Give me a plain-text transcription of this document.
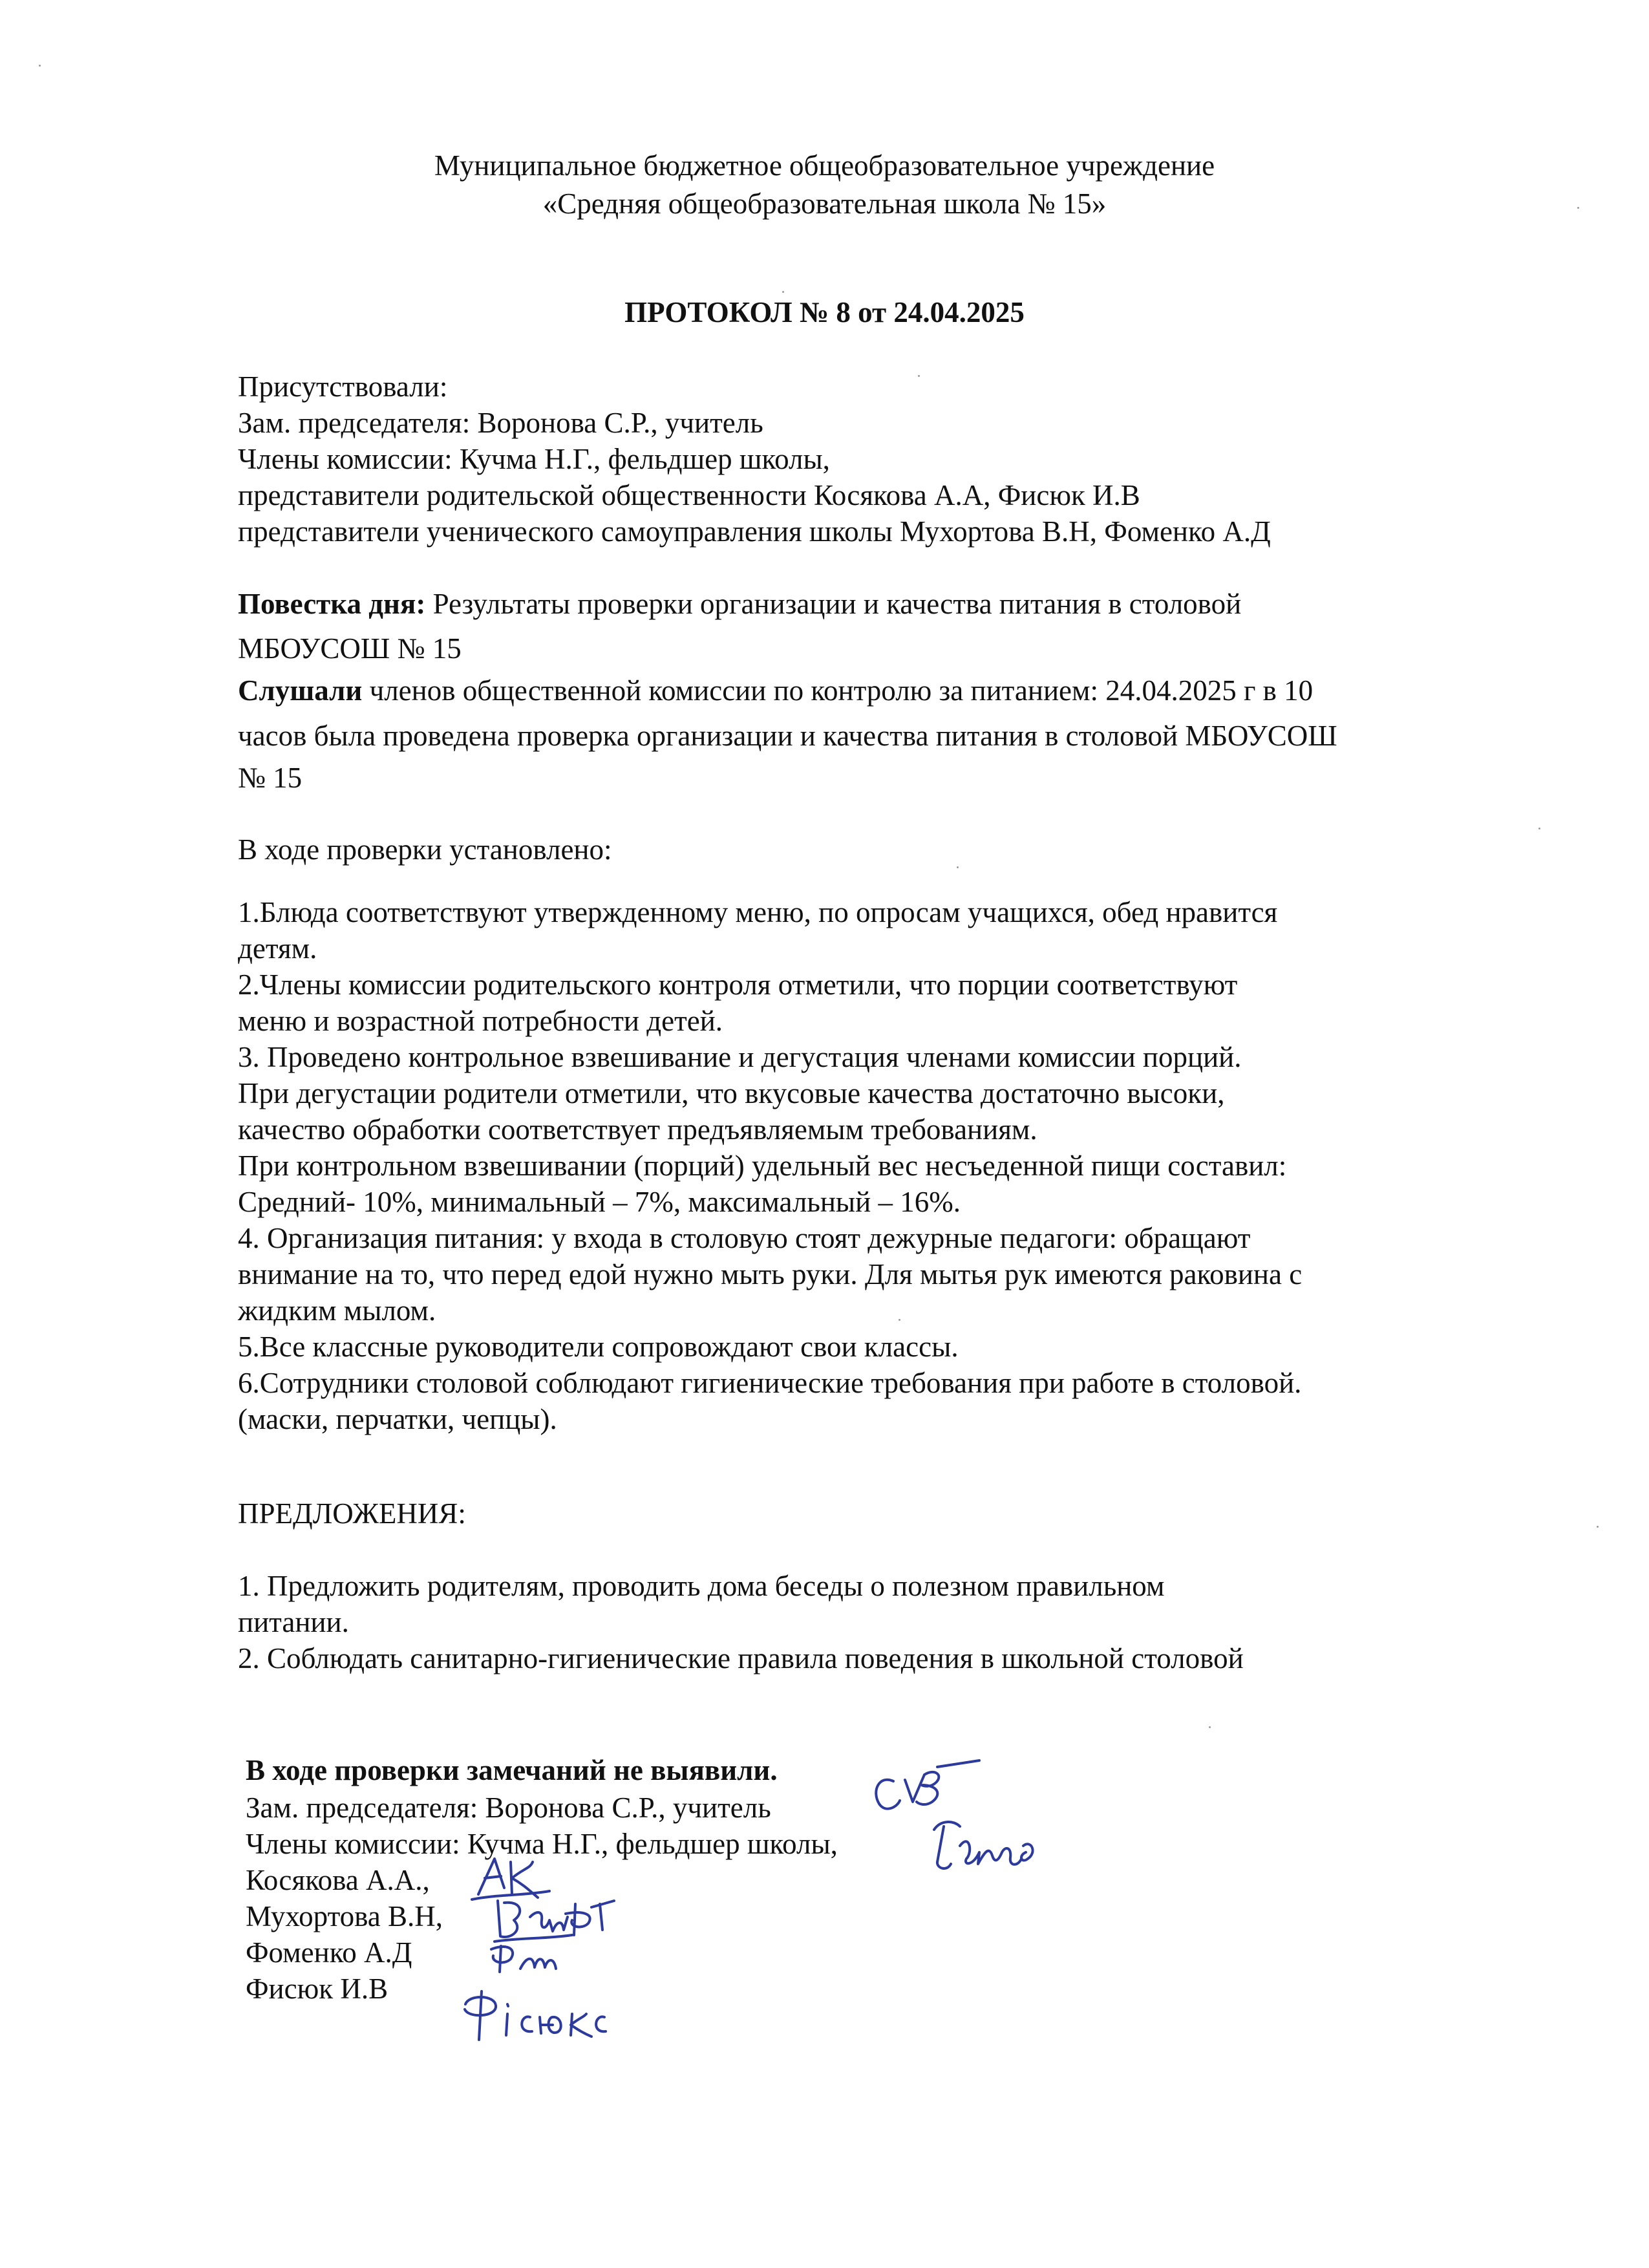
Муниципальное бюджетное общеобразовательное учреждение
«Средняя общеобразовательная школа № 15»
ПРОТОКОЛ № 8 от 24.04.2025
Присутствовали:
Зам. председателя: Воронова С.Р., учитель
Члены комиссии: Кучма Н.Г., фельдшер школы,
представители родительской общественности Косякова А.А, Фисюк И.В
представители ученического самоуправления школы Мухортова В.Н, Фоменко А.Д
Повестка дня: Результаты проверки организации и качества питания в столовой
МБОУСОШ № 15
Слушали членов общественной комиссии по контролю за питанием: 24.04.2025 г в 10
часов была проведена проверка организации и качества питания в столовой МБОУСОШ
№ 15
В ходе проверки установлено:
1.Блюда соответствуют утвержденному меню, по опросам учащихся, обед нравится
детям.
2.Члены комиссии родительского контроля отметили, что порции соответствуют
меню и возрастной потребности детей.
3. Проведено контрольное взвешивание и дегустация членами комиссии порций.
При дегустации родители отметили, что вкусовые качества достаточно высоки,
качество обработки соответствует предъявляемым требованиям.
При контрольном взвешивании (порций) удельный вес несъеденной пищи составил:
Средний- 10%, минимальный – 7%, максимальный – 16%.
4. Организация питания: у входа в столовую стоят дежурные педагоги: обращают
внимание на то, что перед едой нужно мыть руки. Для мытья рук имеются раковина с
жидким мылом.
5.Все классные руководители сопровождают свои классы.
6.Сотрудники столовой соблюдают гигиенические требования при работе в столовой.
(маски, перчатки, чепцы).
ПРЕДЛОЖЕНИЯ:
1. Предложить родителям, проводить дома беседы о полезном правильном
питании.
2. Соблюдать санитарно-гигиенические правила поведения в школьной столовой
В ходе проверки замечаний не выявили.
Зам. председателя: Воронова С.Р., учитель
Члены комиссии: Кучма Н.Г., фельдшер школы,
Косякова А.А.,
Мухортова В.Н,
Фоменко А.Д
Фисюк И.В
